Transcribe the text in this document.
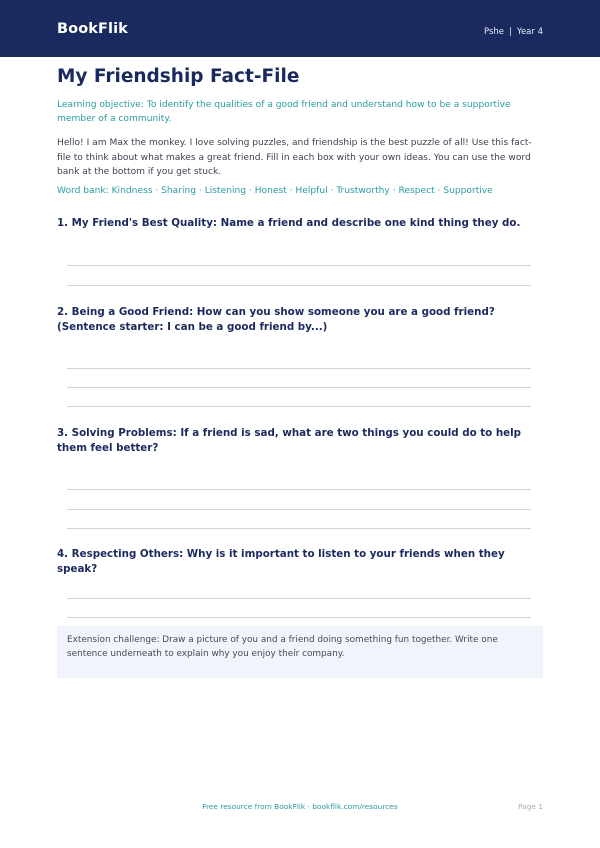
BookFlik	Pshe | Year 4
My Friendship Fact-File
Learning objective: To identify the qualities of a good friend and understand how to be a supportive member of a community.
Hello! I am Max the monkey. I love solving puzzles, and friendship is the best puzzle of all! Use this fact-file to think about what makes a great friend. Fill in each box with your own ideas. You can use the word bank at the bottom if you get stuck.
Word bank: Kindness · Sharing · Listening · Honest · Helpful · Trustworthy · Respect · Supportive
1. My Friend's Best Quality: Name a friend and describe one kind thing they do.
2. Being a Good Friend: How can you show someone you are a good friend? (Sentence starter: I can be a good friend by...)
3. Solving Problems: If a friend is sad, what are two things you could do to help them feel better?
4. Respecting Others: Why is it important to listen to your friends when they speak?
Extension challenge: Draw a picture of you and a friend doing something fun together. Write one sentence underneath to explain why you enjoy their company.
Free resource from BookFlik · bookflik.com/resources	Page 1
